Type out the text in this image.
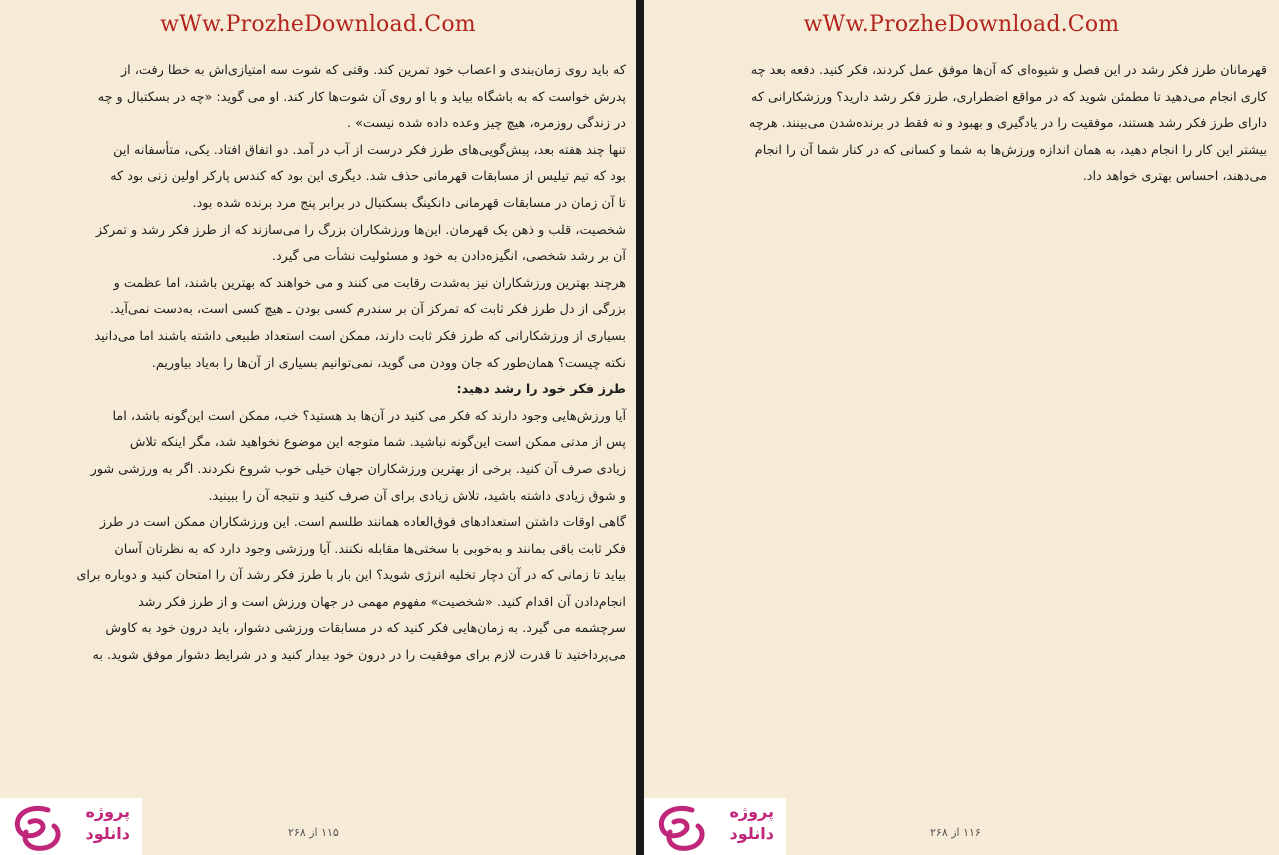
wWw.ProzheDownload.Com

که باید روی زمان‌بندی و اعصاب خود تمرین کند. وقتی که شوت سه امتیازی‌اش به خطا رفت، از

پدرش خواست که به باشگاه بیاید و با او روی آن شوت‌ها کار کند. او می گوید: «چه در بسکتبال و چه

در زندگی روزمره، هیچ چیز وعده داده شده نیست» .

تنها چند هفته بعد، پیش‌گویی‌های طرز فکر درست از آب در آمد. دو اتفاق افتاد. یکی، متأسفانه این

بود که تیم تیلیس از مسابقات قهرمانی حذف شد. دیگری این بود که کندس پارکر اولین زنی بود که

تا آن زمان در مسابقات قهرمانی دانکینگ بسکتبال در برابر پنج مرد برنده شده بود.

شخصیت، قلب و ذهن یک قهرمان. این‌ها ورزشکاران بزرگ را می‌سازند که از طرز فکر رشد و تمرکز

آن بر رشد شخصی، انگیزه‌دادن به خود و مسئولیت نشأت می گیرد.

هرچند بهترین ورزشکاران نیز به‌شدت رقابت می کنند و می خواهند که بهترین باشند، اما عظمت و

بزرگی از دل طرز فکر ثابت که تمرکز آن بر سندرم کسی بودن ـ هیچ کسی است، به‌دست نمی‌آید.

بسیاری از ورزشکارانی که طرز فکر ثابت دارند، ممکن است استعداد طبیعی داشته باشند اما می‌دانید

نکته چیست؟ همان‌طور که جان وودن می گوید، نمی‌توانیم بسیاری از آن‌ها را به‌یاد بیاوریم.

طرز فکر خود را رشد دهید:

آیا ورزش‌هایی وجود دارند که فکر می کنید در آن‌ها بد هستید؟ خب، ممکن است این‌گونه باشد، اما

پس از مدتی ممکن است این‌گونه نباشید. شما متوجه این موضوع نخواهید شد، مگر اینکه تلاش

زیادی صرف آن کنید. برخی از بهترین ورزشکاران جهان خیلی خوب شروع نکردند. اگر به ورزشی شور

و شوق زیادی داشته باشید، تلاش زیادی برای آن صرف کنید و نتیجه آن را ببینید.

گاهی اوقات داشتن استعدادهای فوق‌العاده همانند طلسم است. این ورزشکاران ممکن است در طرز

فکر ثابت باقی بمانند و به‌خوبی با سختی‌ها مقابله نکنند. آیا ورزشی وجود دارد که به نظرتان آسان

بیاید تا زمانی که در آن دچار تخلیه انرژی شوید؟ این بار با طرز فکر رشد آن را امتحان کنید و دوباره برای

انجام‌دادن آن اقدام کنید. «شخصیت» مفهوم مهمی در جهان ورزش است و از طرز فکر رشد

سرچشمه می گیرد. به زمان‌هایی فکر کنید که در مسابقات ورزشی دشوار، باید درون خود به کاوش

می‌پرداختید تا قدرت لازم برای موفقیت را در درون خود بیدار کنید و در شرایط دشوار موفق شوید. به

پروژه
دانلود	۱۱۵ از ۲۶۸
wWw.ProzheDownload.Com

قهرمانان طرز فکر رشد در این فصل و شیوه‌ای که آن‌ها موفق عمل کردند، فکر کنید. دفعه بعد چه

کاری انجام می‌دهید تا مطمئن شوید که در مواقع اضطراری، طرز فکر رشد دارید؟ ورزشکارانی که

دارای طرز فکر رشد هستند، موفقیت را در یادگیری و بهبود و نه فقط در برنده‌شدن می‌بینند. هرچه

بیشتر این کار را انجام دهید، به همان اندازه ورزش‌ها به شما و کسانی که در کنار شما آن را انجام

می‌دهند، احساس بهتری خواهد داد.

پروژه
دانلود	۱۱۶ از ۲۶۸
